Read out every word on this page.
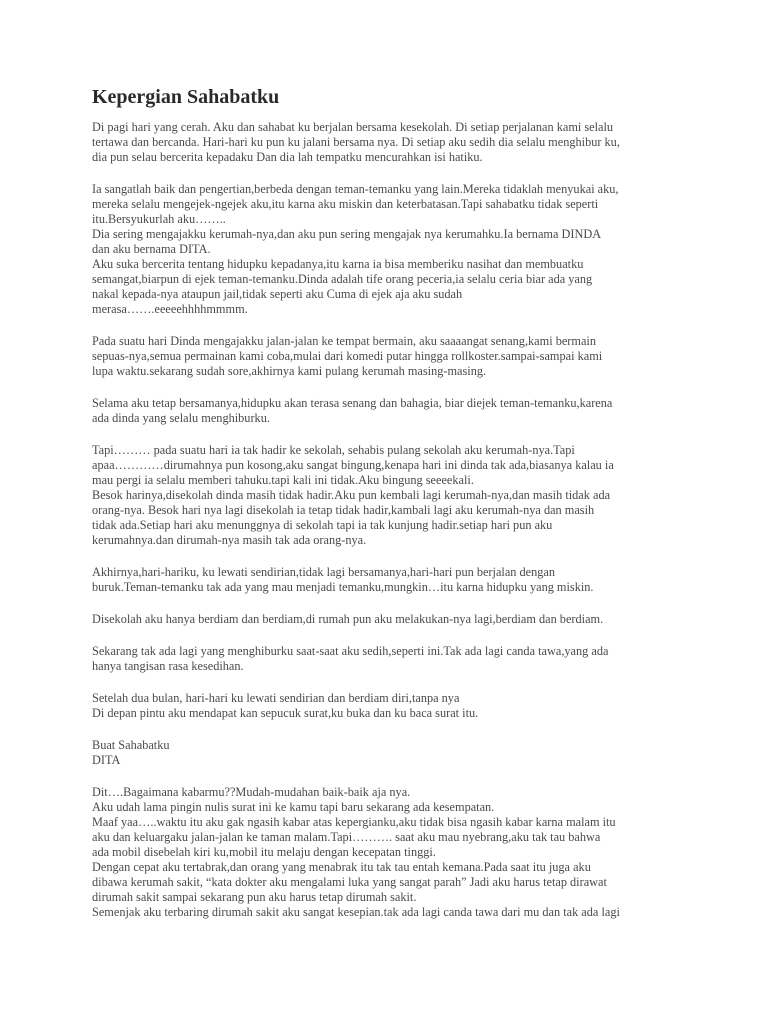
Kepergian Sahabatku

Di pagi hari yang cerah. Aku dan sahabat ku berjalan bersama kesekolah. Di setiap perjalanan kami selalu
tertawa dan bercanda. Hari-hari ku pun ku jalani bersama nya. Di setiap aku sedih dia selalu menghibur ku,
dia pun selau bercerita kepadaku Dan dia lah tempatku mencurahkan isi hatiku.

Ia sangatlah baik dan pengertian,berbeda dengan teman-temanku yang lain.Mereka tidaklah menyukai aku,
mereka selalu mengejek-ngejek aku,itu karna aku miskin dan keterbatasan.Tapi sahabatku tidak seperti
itu.Bersyukurlah aku……..
Dia sering mengajakku kerumah-nya,dan aku pun sering mengajak nya kerumahku.Ia bernama DINDA
dan aku bernama DITA.
Aku suka bercerita tentang hidupku kepadanya,itu karna ia bisa memberiku nasihat dan membuatku
semangat,biarpun di ejek teman-temanku.Dinda adalah tife orang peceria,ia selalu ceria biar ada yang
nakal kepada-nya ataupun jail,tidak seperti aku Cuma di ejek aja aku sudah
merasa…….eeeeehhhhmmmm.

Pada suatu hari Dinda mengajakku jalan-jalan ke tempat bermain, aku saaaangat senang,kami bermain
sepuas-nya,semua permainan kami coba,mulai dari komedi putar hingga rollkoster.sampai-sampai kami
lupa waktu.sekarang sudah sore,akhirnya kami pulang kerumah masing-masing.

Selama aku tetap bersamanya,hidupku akan terasa senang dan bahagia, biar diejek teman-temanku,karena
ada dinda yang selalu menghiburku.

Tapi……… pada suatu hari ia tak hadir ke sekolah, sehabis pulang sekolah aku kerumah-nya.Tapi
apaa…………dirumahnya pun kosong,aku sangat bingung,kenapa hari ini dinda tak ada,biasanya kalau ia
mau pergi ia selalu memberi tahuku.tapi kali ini tidak.Aku bingung seeeekali.
Besok harinya,disekolah dinda masih tidak hadir.Aku pun kembali lagi kerumah-nya,dan masih tidak ada
orang-nya. Besok hari nya lagi disekolah ia tetap tidak hadir,kambali lagi aku kerumah-nya dan masih
tidak ada.Setiap hari aku menunggnya di sekolah tapi ia tak kunjung hadir.setiap hari pun aku
kerumahnya.dan dirumah-nya masih tak ada orang-nya.

Akhirnya,hari-hariku, ku lewati sendirian,tidak lagi bersamanya,hari-hari pun berjalan dengan
buruk.Teman-temanku tak ada yang mau menjadi temanku,mungkin…itu karna hidupku yang miskin.

Disekolah aku hanya berdiam dan berdiam,di rumah pun aku melakukan-nya lagi,berdiam dan berdiam.

Sekarang tak ada lagi yang menghiburku saat-saat aku sedih,seperti ini.Tak ada lagi canda tawa,yang ada
hanya tangisan rasa kesedihan.

Setelah dua bulan, hari-hari ku lewati sendirian dan berdiam diri,tanpa nya
Di depan pintu aku mendapat kan sepucuk surat,ku buka dan ku baca surat itu.

Buat Sahabatku
DITA

Dit….Bagaimana kabarmu??Mudah-mudahan baik-baik aja nya.
Aku udah lama pingin nulis surat ini ke kamu tapi baru sekarang ada kesempatan.
Maaf yaa…..waktu itu aku gak ngasih kabar atas kepergianku,aku tidak bisa ngasih kabar karna malam itu
aku dan keluargaku jalan-jalan ke taman malam.Tapi………. saat aku mau nyebrang,aku tak tau bahwa
ada mobil disebelah kiri ku,mobil itu melaju dengan kecepatan tinggi.
Dengan cepat aku tertabrak,dan orang yang menabrak itu tak tau entah kemana.Pada saat itu juga aku
dibawa kerumah sakit, “kata dokter aku mengalami luka yang sangat parah” Jadi aku harus tetap dirawat
dirumah sakit sampai sekarang pun aku harus tetap dirumah sakit.
Semenjak aku terbaring dirumah sakit aku sangat kesepian.tak ada lagi canda tawa dari mu dan tak ada lagi
